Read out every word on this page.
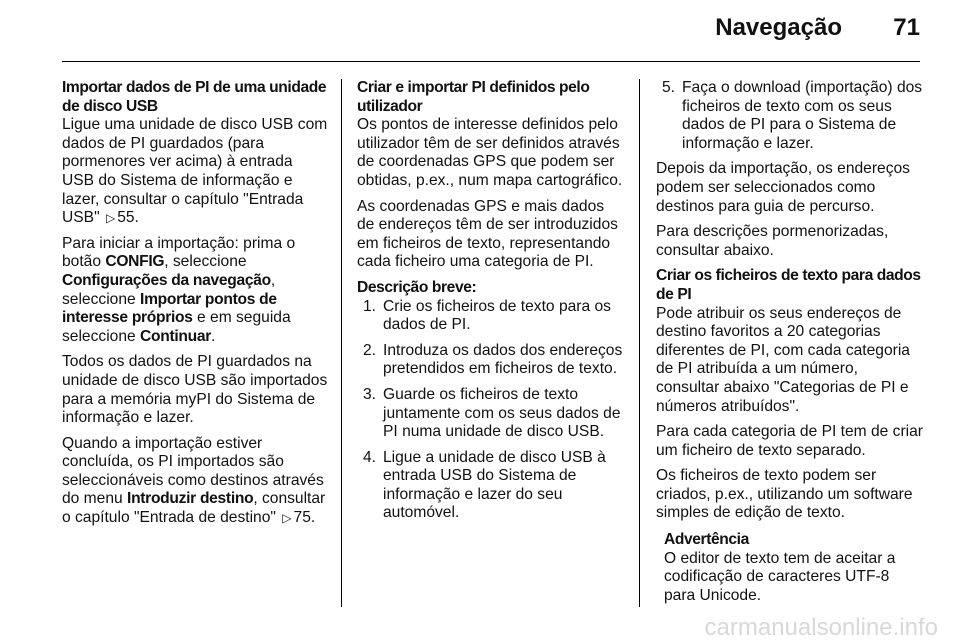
Navegação	71
Importar dados de PI de uma unidade de disco USB

Ligue uma unidade de disco USB com dados de PI guardados (para pormenores ver acima) à entrada USB do Sistema de informação e lazer, consultar o capítulo "Entrada USB" ▷ 55.

Para iniciar a importação: prima o botão CONFIG, seleccione Configurações da navegação, seleccione Importar pontos de interesse próprios e em seguida seleccione Continuar.

Todos os dados de PI guardados na unidade de disco USB são importados para a memória myPI do Sistema de informação e lazer.

Quando a importação estiver concluída, os PI importados são seleccionáveis como destinos através do menu Introduzir destino, consultar o capítulo "Entrada de destino" ▷ 75.

Criar e importar PI definidos pelo utilizador

Os pontos de interesse definidos pelo utilizador têm de ser definidos através de coordenadas GPS que podem ser obtidas, p.ex., num mapa cartográfico.

As coordenadas GPS e mais dados de endereços têm de ser introduzidos em ficheiros de texto, representando cada ficheiro uma categoria de PI.

Descrição breve:
1. Crie os ficheiros de texto para os dados de PI.
2. Introduza os dados dos endereços pretendidos em ficheiros de texto.
3. Guarde os ficheiros de texto juntamente com os seus dados de PI numa unidade de disco USB.
4. Ligue a unidade de disco USB à entrada USB do Sistema de informação e lazer do seu automóvel.
5. Faça o download (importação) dos ficheiros de texto com os seus dados de PI para o Sistema de informação e lazer.

Depois da importação, os endereços podem ser seleccionados como destinos para guia de percurso.

Para descrições pormenorizadas, consultar abaixo.

Criar os ficheiros de texto para dados de PI

Pode atribuir os seus endereços de destino favoritos a 20 categorias diferentes de PI, com cada categoria de PI atribuída a um número, consultar abaixo "Categorias de PI e números atribuídos".

Para cada categoria de PI tem de criar um ficheiro de texto separado.

Os ficheiros de texto podem ser criados, p.ex., utilizando um software simples de edição de texto.

Advertência
O editor de texto tem de aceitar a codificação de caracteres UTF-8 para Unicode.
carmanualsonline.info
